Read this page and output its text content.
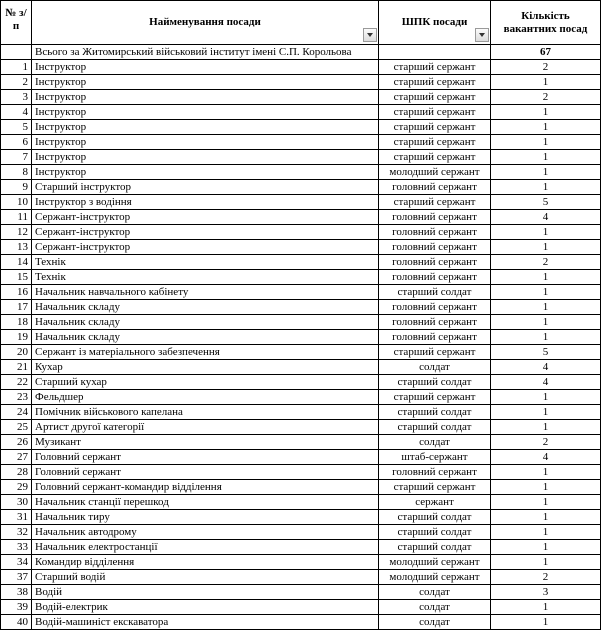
№ з/п	Найменування посади	ШПК посади	Кількість вакантних посад
	Всього за Житомирський військовий інститут імені С.П. Корольова		67
1	Інструктор	старший сержант	2
2	Інструктор	старший сержант	1
3	Інструктор	старший сержант	2
4	Інструктор	старший сержант	1
5	Інструктор	старший сержант	1
6	Інструктор	старший сержант	1
7	Інструктор	старший сержант	1
8	Інструктор	молодший сержант	1
9	Старший інструктор	головний сержант	1
10	Інструктор з водіння	старший сержант	5
11	Сержант-інструктор	головний сержант	4
12	Сержант-інструктор	головний сержант	1
13	Сержант-інструктор	головний сержант	1
14	Технік	головний сержант	2
15	Технік	головний сержант	1
16	Начальник навчального кабінету	старший солдат	1
17	Начальник складу	головний сержант	1
18	Начальник складу	головний сержант	1
19	Начальник складу	головний сержант	1
20	Сержант із матеріального забезпечення	старший сержант	5
21	Кухар	солдат	4
22	Старший кухар	старший солдат	4
23	Фельдшер	старший сержант	1
24	Помічник військового капелана	старший солдат	1
25	Артист другої категорії	старший солдат	1
26	Музикант	солдат	2
27	Головний сержант	штаб-сержант	4
28	Головний сержант	головний сержант	1
29	Головний сержант-командир відділення	старший сержант	1
30	Начальник станції перешкод	сержант	1
31	Начальник тиру	старший солдат	1
32	Начальник автодрому	старший солдат	1
33	Начальник електростанції	старший солдат	1
34	Командир відділення	молодший сержант	1
37	Старший водій	молодший сержант	2
38	Водій	солдат	3
39	Водій-електрик	солдат	1
40	Водій-машиніст екскаватора	солдат	1
